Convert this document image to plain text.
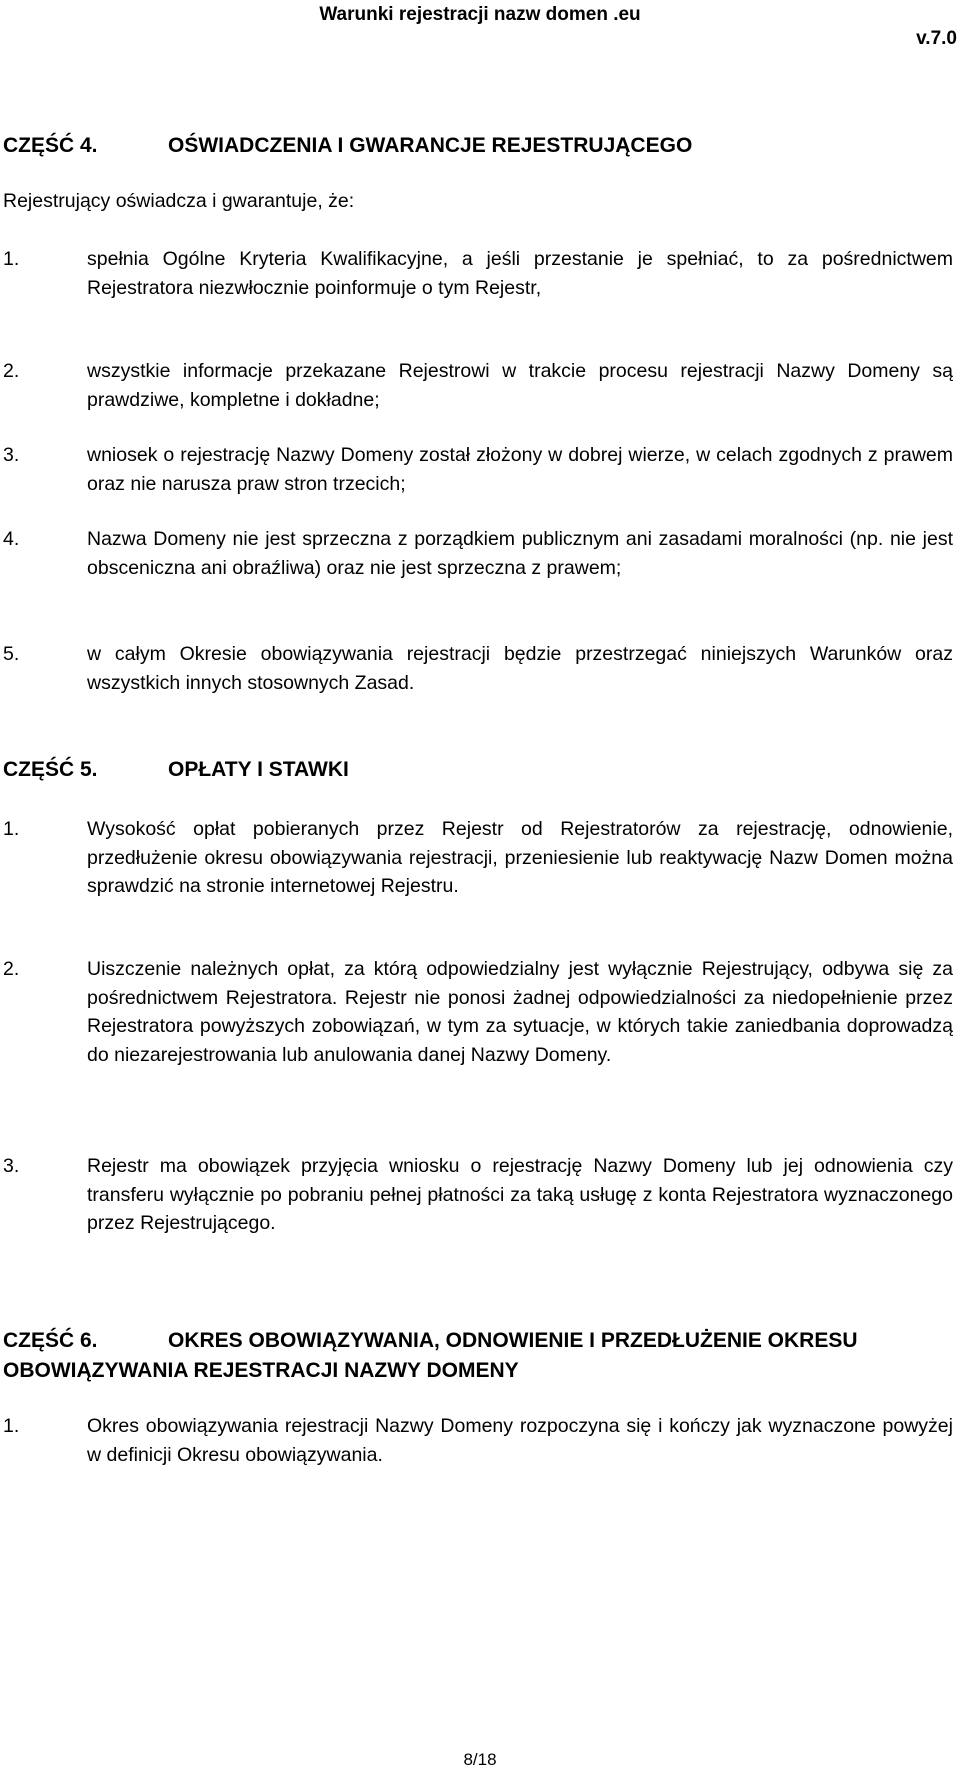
Warunki rejestracji nazw domen .eu
v.7.0
CZĘŚĆ 4.	OŚWIADCZENIA I GWARANCJE REJESTRUJĄCEGO
Rejestrujący oświadcza i gwarantuje, że:
1.	spełnia Ogólne Kryteria Kwalifikacyjne, a jeśli przestanie je spełniać, to za pośrednictwem Rejestratora niezwłocznie poinformuje o tym Rejestr,
2.	wszystkie informacje przekazane Rejestrowi w trakcie procesu rejestracji Nazwy Domeny są prawdziwe, kompletne i dokładne;
3.	wniosek o rejestrację Nazwy Domeny został złożony w dobrej wierze, w celach zgodnych z prawem oraz nie narusza praw stron trzecich;
4.	Nazwa Domeny nie jest sprzeczna z porządkiem publicznym ani zasadami moralności (np. nie jest obsceniczna ani obraźliwa) oraz nie jest sprzeczna z prawem;
5.	w całym Okresie obowiązywania rejestracji będzie przestrzegać niniejszych Warunków oraz wszystkich innych stosownych Zasad.
CZĘŚĆ 5.	OPŁATY I STAWKI
1.	Wysokość opłat pobieranych przez Rejestr od Rejestratorów za rejestrację, odnowienie, przedłużenie okresu obowiązywania rejestracji, przeniesienie lub reaktywację Nazw Domen można sprawdzić na stronie internetowej Rejestru.
2.	Uiszczenie należnych opłat, za którą odpowiedzialny jest wyłącznie Rejestrujący, odbywa się za pośrednictwem Rejestratora. Rejestr nie ponosi żadnej odpowiedzialności za niedopełnienie przez Rejestratora powyższych zobowiązań, w tym za sytuacje, w których takie zaniedbania doprowadzą do niezarejestrowania lub anulowania danej Nazwy Domeny.
3.	Rejestr ma obowiązek przyjęcia wniosku o rejestrację Nazwy Domeny lub jej odnowienia czy transferu wyłącznie po pobraniu pełnej płatności za taką usługę z konta Rejestratora wyznaczonego przez Rejestrującego.
CZĘŚĆ 6.	OKRES OBOWIĄZYWANIA, ODNOWIENIE I PRZEDŁUŻENIE OKRESU OBOWIĄZYWANIA REJESTRACJI NAZWY DOMENY
1.	Okres obowiązywania rejestracji Nazwy Domeny rozpoczyna się i kończy jak wyznaczone powyżej w definicji Okresu obowiązywania.
8/18
